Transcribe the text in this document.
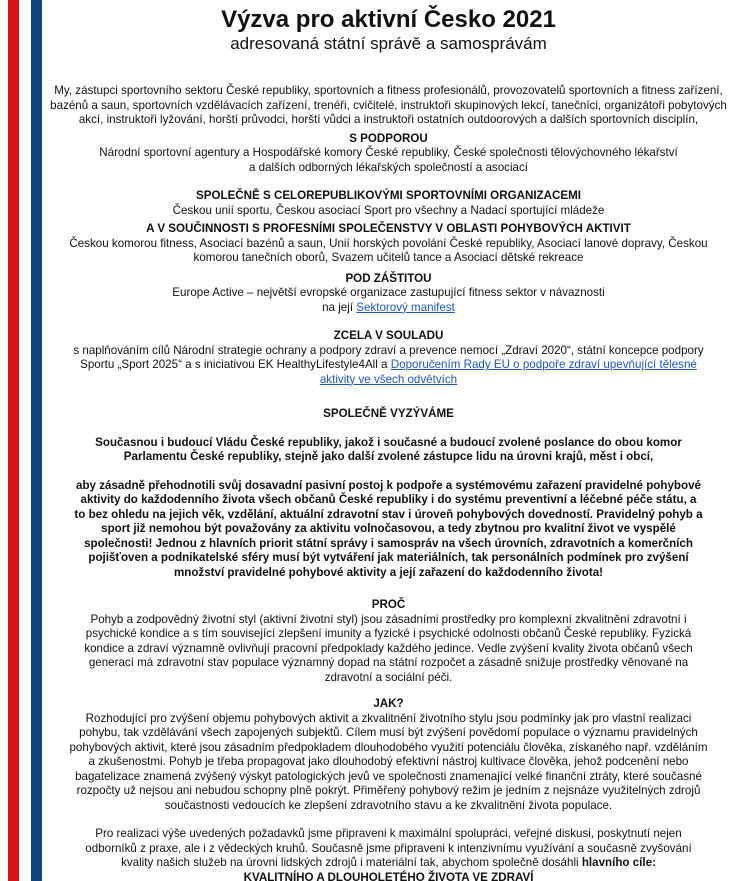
Výzva pro aktivní Česko 2021
adresovaná státní správě a samosprávám
My, zástupci sportovního sektoru České republiky, sportovních a fitness profesionálů, provozovatelů sportovních a fitness zařízení, bazénů a saun, sportovních vzdělávacích zařízení, trenéři, cvičitelé, instruktoři skupinových lekcí, tanečníci, organizátoři pobytových akcí, instruktoři lyžování, horští průvodci, horští vůdci a instruktoři ostatních outdoorových a dalších sportovních disciplín,
S PODPOROU
Národní sportovní agentury a Hospodářské komory České republiky, České společnosti tělovýchovného lékařství a dalších odborných lékařských společností a asociací
SPOLEČNĚ S CELOREPUBLIKOVÝMI SPORTOVNÍMI ORGANIZACEMI
Českou unií sportu, Českou asociací Sport pro všechny a Nadací sportující mládeže
A V SOUČINNOSTI S PROFESNÍMI SPOLEČENSTVY V OBLASTI POHYBOVÝCH AKTIVIT
Českou komorou fitness, Asociací bazénů a saun, Unií horských povolání České republiky, Asociací lanové dopravy, Českou komorou tanečních oborů, Svazem učitelů tance a Asociací dětské rekreace
POD ZÁŠTITOU
Europe Active – největší evropské organizace zastupující fitness sektor v návaznosti
na její Sektorový manifest
ZCELA V SOULADU
s naplňováním cílů Národní strategie ochrany a podpory zdraví a prevence nemocí „Zdraví 2020“, státní koncepce podpory Sportu „Sport 2025“ a s iniciativou EK HealthyLifestyle4All a Doporučením Rady EU o podpoře zdraví upevňující tělesné aktivity ve všech odvětvích
SPOLEČNĚ VYZÝVÁME
Současnou i budoucí Vládu České republiky, jakož i současné a budoucí zvolené poslance do obou komor Parlamentu České republiky, stejně jako další zvolené zástupce lidu na úrovni krajů, měst i obcí,
aby zásadně přehodnotili svůj dosavadní pasivní postoj k podpoře a systémovému zařazení pravidelné pohybové aktivity do každodenního života všech občanů České republiky i do systému preventivní a léčebné péče státu, a to bez ohledu na jejich věk, vzdělání, aktuální zdravotní stav i úroveň pohybových dovedností. Pravidelný pohyb a sport již nemohou být považovány za aktivitu volnočasovou, a tedy zbytnou pro kvalitní život ve vyspělé společnosti! Jednou z hlavních priorit státní správy i samospráv na všech úrovních, zdravotních a komerčních pojišťoven a podnikatelské sféry musí být vytváření jak materiálních, tak personálních podmínek pro zvýšení množství pravidelné pohybové aktivity a její zařazení do každodenního života!
PROČ
Pohyb a zodpovědný životní styl (aktivní životní styl) jsou zásadními prostředky pro komplexní zkvalitnění zdravotní i psychické kondice a s tím související zlepšení imunity a fyzické i psychické odolnosti občanů České republiky. Fyzická kondice a zdraví významně ovlivňují pracovní předpoklady každého jedince. Vedle zvýšení kvality života občanů všech generací má zdravotní stav populace významný dopad na státní rozpočet a zásadně snižuje prostředky věnované na zdravotní a sociální péči.
JAK?
Rozhodující pro zvýšení objemu pohybových aktivit a zkvalitnění životního stylu jsou podmínky jak pro vlastní realizaci pohybu, tak vzdělávání všech zapojených subjektů. Cílem musí být zvýšení povědomí populace o významu pravidelných pohybových aktivit, které jsou zásadním předpokladem dlouhodobého využití potenciálu člověka, získaného např. vzděláním a zkušenostmi. Pohyb je třeba propagovat jako dlouhodobý efektivní nástroj kultivace člověka, jehož podcenění nebo bagatelizace znamená zvýšený výskyt patologických jevů ve společnosti znamenající velké finanční ztráty, které současné rozpočty už nejsou ani nebudou schopny plně pokrýt. Přiměřený pohybový režim je jedním z nejsnáze využitelných zdrojů součastnosti vedoucích ke zlepšení zdravotního stavu a ke zkvalitnění života populace.
Pro realizaci výše uvedených požadavků jsme připraveni k maximální spolupráci, veřejné diskusi, poskytnutí nejen odborníků z praxe, ale i z vědeckých kruhů. Současně jsme připraveni k intenzivnímu využívání a současně zvyšování kvality našich služeb na úrovni lidských zdrojů i materiální tak, abychom společně dosáhli hlavního cíle:
KVALITNÍHO A DLOUHOLETÉHO ŽIVOTA VE ZDRAVÍ
